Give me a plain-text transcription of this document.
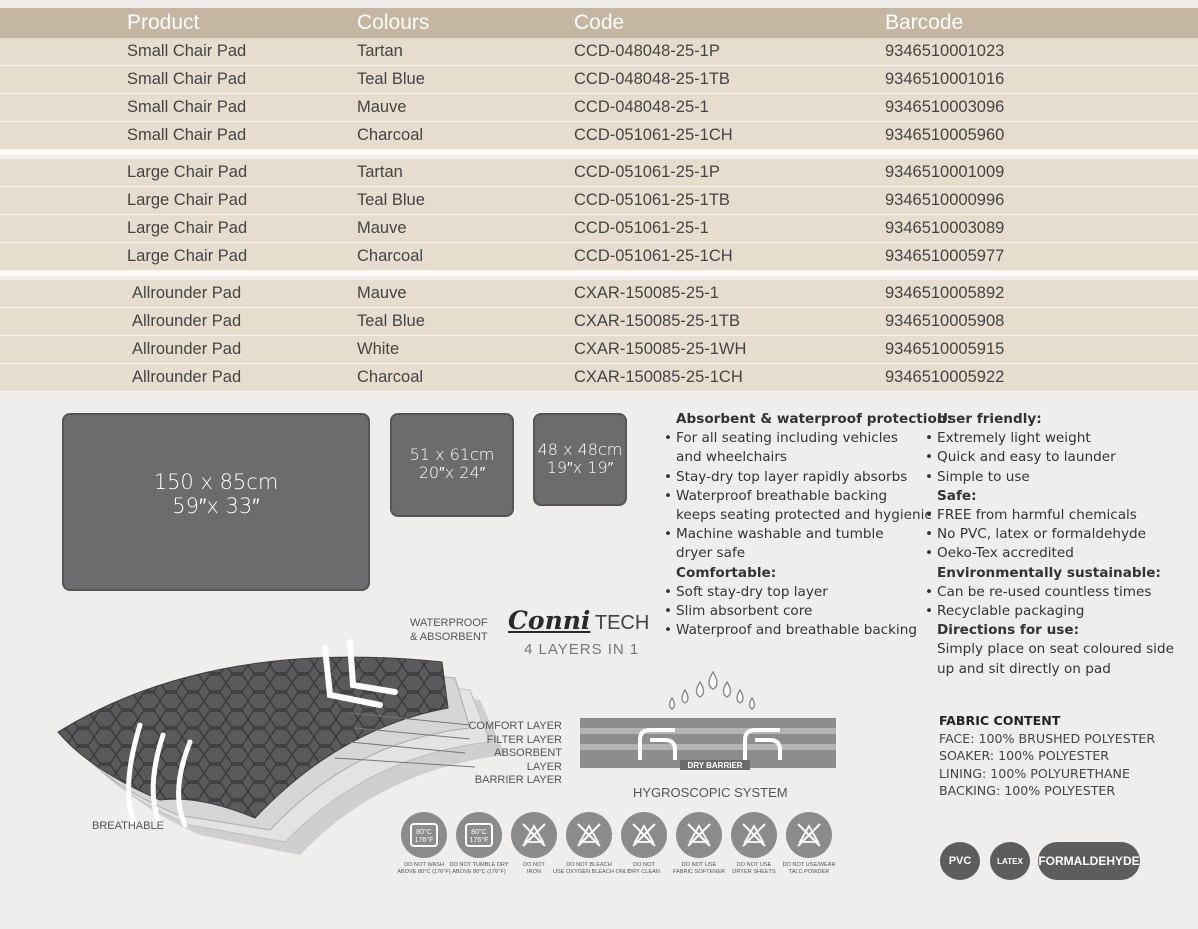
Product	Colours	Code	Barcode
Small Chair Pad	Tartan	CCD-048048-25-1P	9346510001023
Small Chair Pad	Teal Blue	CCD-048048-25-1TB	9346510001016
Small Chair Pad	Mauve	CCD-048048-25-1	9346510003096
Small Chair Pad	Charcoal	CCD-051061-25-1CH	9346510005960
Large Chair Pad	Tartan	CCD-051061-25-1P	9346510001009
Large Chair Pad	Teal Blue	CCD-051061-25-1TB	9346510000996
Large Chair Pad	Mauve	CCD-051061-25-1	9346510003089
Large Chair Pad	Charcoal	CCD-051061-25-1CH	9346510005977
Allrounder Pad	Mauve	CXAR-150085-25-1	9346510005892
Allrounder Pad	Teal Blue	CXAR-150085-25-1TB	9346510005908
Allrounder Pad	White	CXAR-150085-25-1WH	9346510005915
Allrounder Pad	Charcoal	CXAR-150085-25-1CH	9346510005922
150 x 85cm
59″x 33″
51 x 61cm
20″x 24″
48 x 48cm
19″x 19″
Absorbent & waterproof protection:
• For all seating including vehicles
and wheelchairs
• Stay-dry top layer rapidly absorbs
• Waterproof breathable backing
keeps seating protected and hygienic
• Machine washable and tumble
dryer safe
Comfortable:
• Soft stay-dry top layer
• Slim absorbent core
• Waterproof and breathable backing
User friendly:
• Extremely light weight
• Quick and easy to launder
• Simple to use
Safe:
• FREE from harmful chemicals
• No PVC, latex or formaldehyde
• Oeko-Tex accredited
Environmentally sustainable:
• Can be re-used countless times
• Recyclable packaging
Directions for use:
Simply place on seat coloured side
up and sit directly on pad
FABRIC CONTENT
FACE: 100% BRUSHED POLYESTER
SOAKER: 100% POLYESTER
LINING: 100% POLYURETHANE
BACKING: 100% POLYESTER
WATERPROOF
& ABSORBENT
COMFORT LAYER
FILTER LAYER
ABSORBENT LAYER
BARRIER LAYER
BREATHABLE
Conni TECH
4 LAYERS IN 1
DRY BARRIER
HYGROSCOPIC SYSTEM
80°C
176°F
DO NOT WASH
ABOVE 80°C (176°F)
80°C
176°F
DO NOT TUMBLE DRY
ABOVE 80°C (176°F)
DO NOT
IRON
DO NOT BLEACH
USE OXYGEN BLEACH ONLY
DO NOT
DRY CLEAN
DO NOT USE
FABRIC SOFTENER
DO NOT USE
DRYER SHEETS
DO NOT USE/WEAR
TALC POWDER
PVC	LATEX FORMALDEHYDE
